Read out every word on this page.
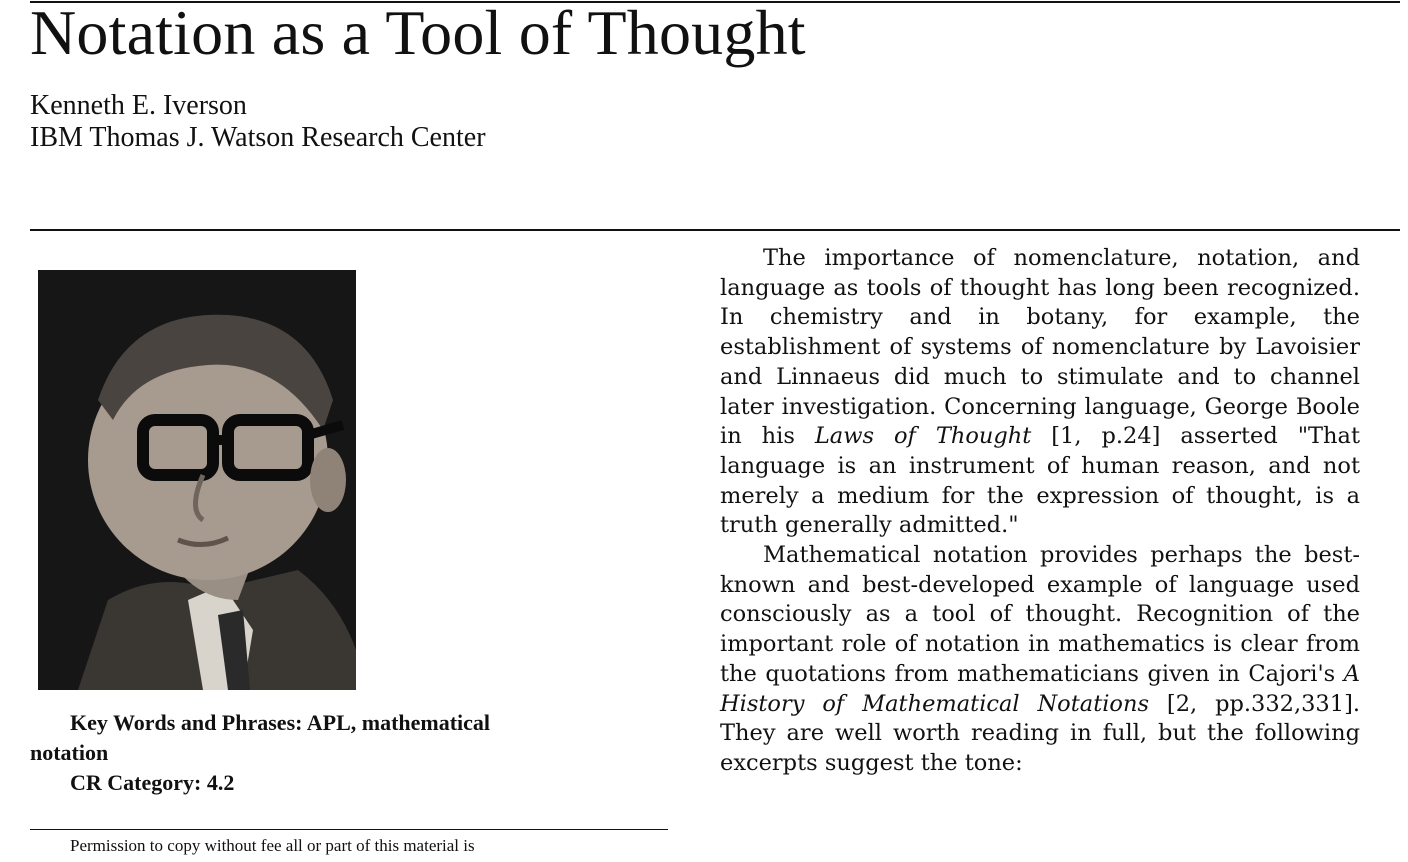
Notation as a Tool of Thought
Kenneth E. Iverson
IBM Thomas J. Watson Research Center
Key Words and Phrases: APL, mathematical
notation
CR Category: 4.2
Permission to copy without fee all or part of this material is

The importance of nomenclature, notation, and language as tools of thought has long been recognized. In chemistry and in botany, for example, the establishment of systems of nomenclature by Lavoisier and Linnaeus did much to stimulate and to channel later investigation. Concerning language, George Boole in his Laws of Thought [1, p.24] asserted "That language is an instrument of human reason, and not merely a medium for the expression of thought, is a truth generally admitted."

Mathematical notation provides perhaps the best-known and best-developed example of language used consciously as a tool of thought. Recognition of the important role of notation in mathematics is clear from the quotations from mathematicians given in Cajori's A History of Mathematical Notations [2, pp.332,331]. They are well worth reading in full, but the following excerpts suggest the tone:
